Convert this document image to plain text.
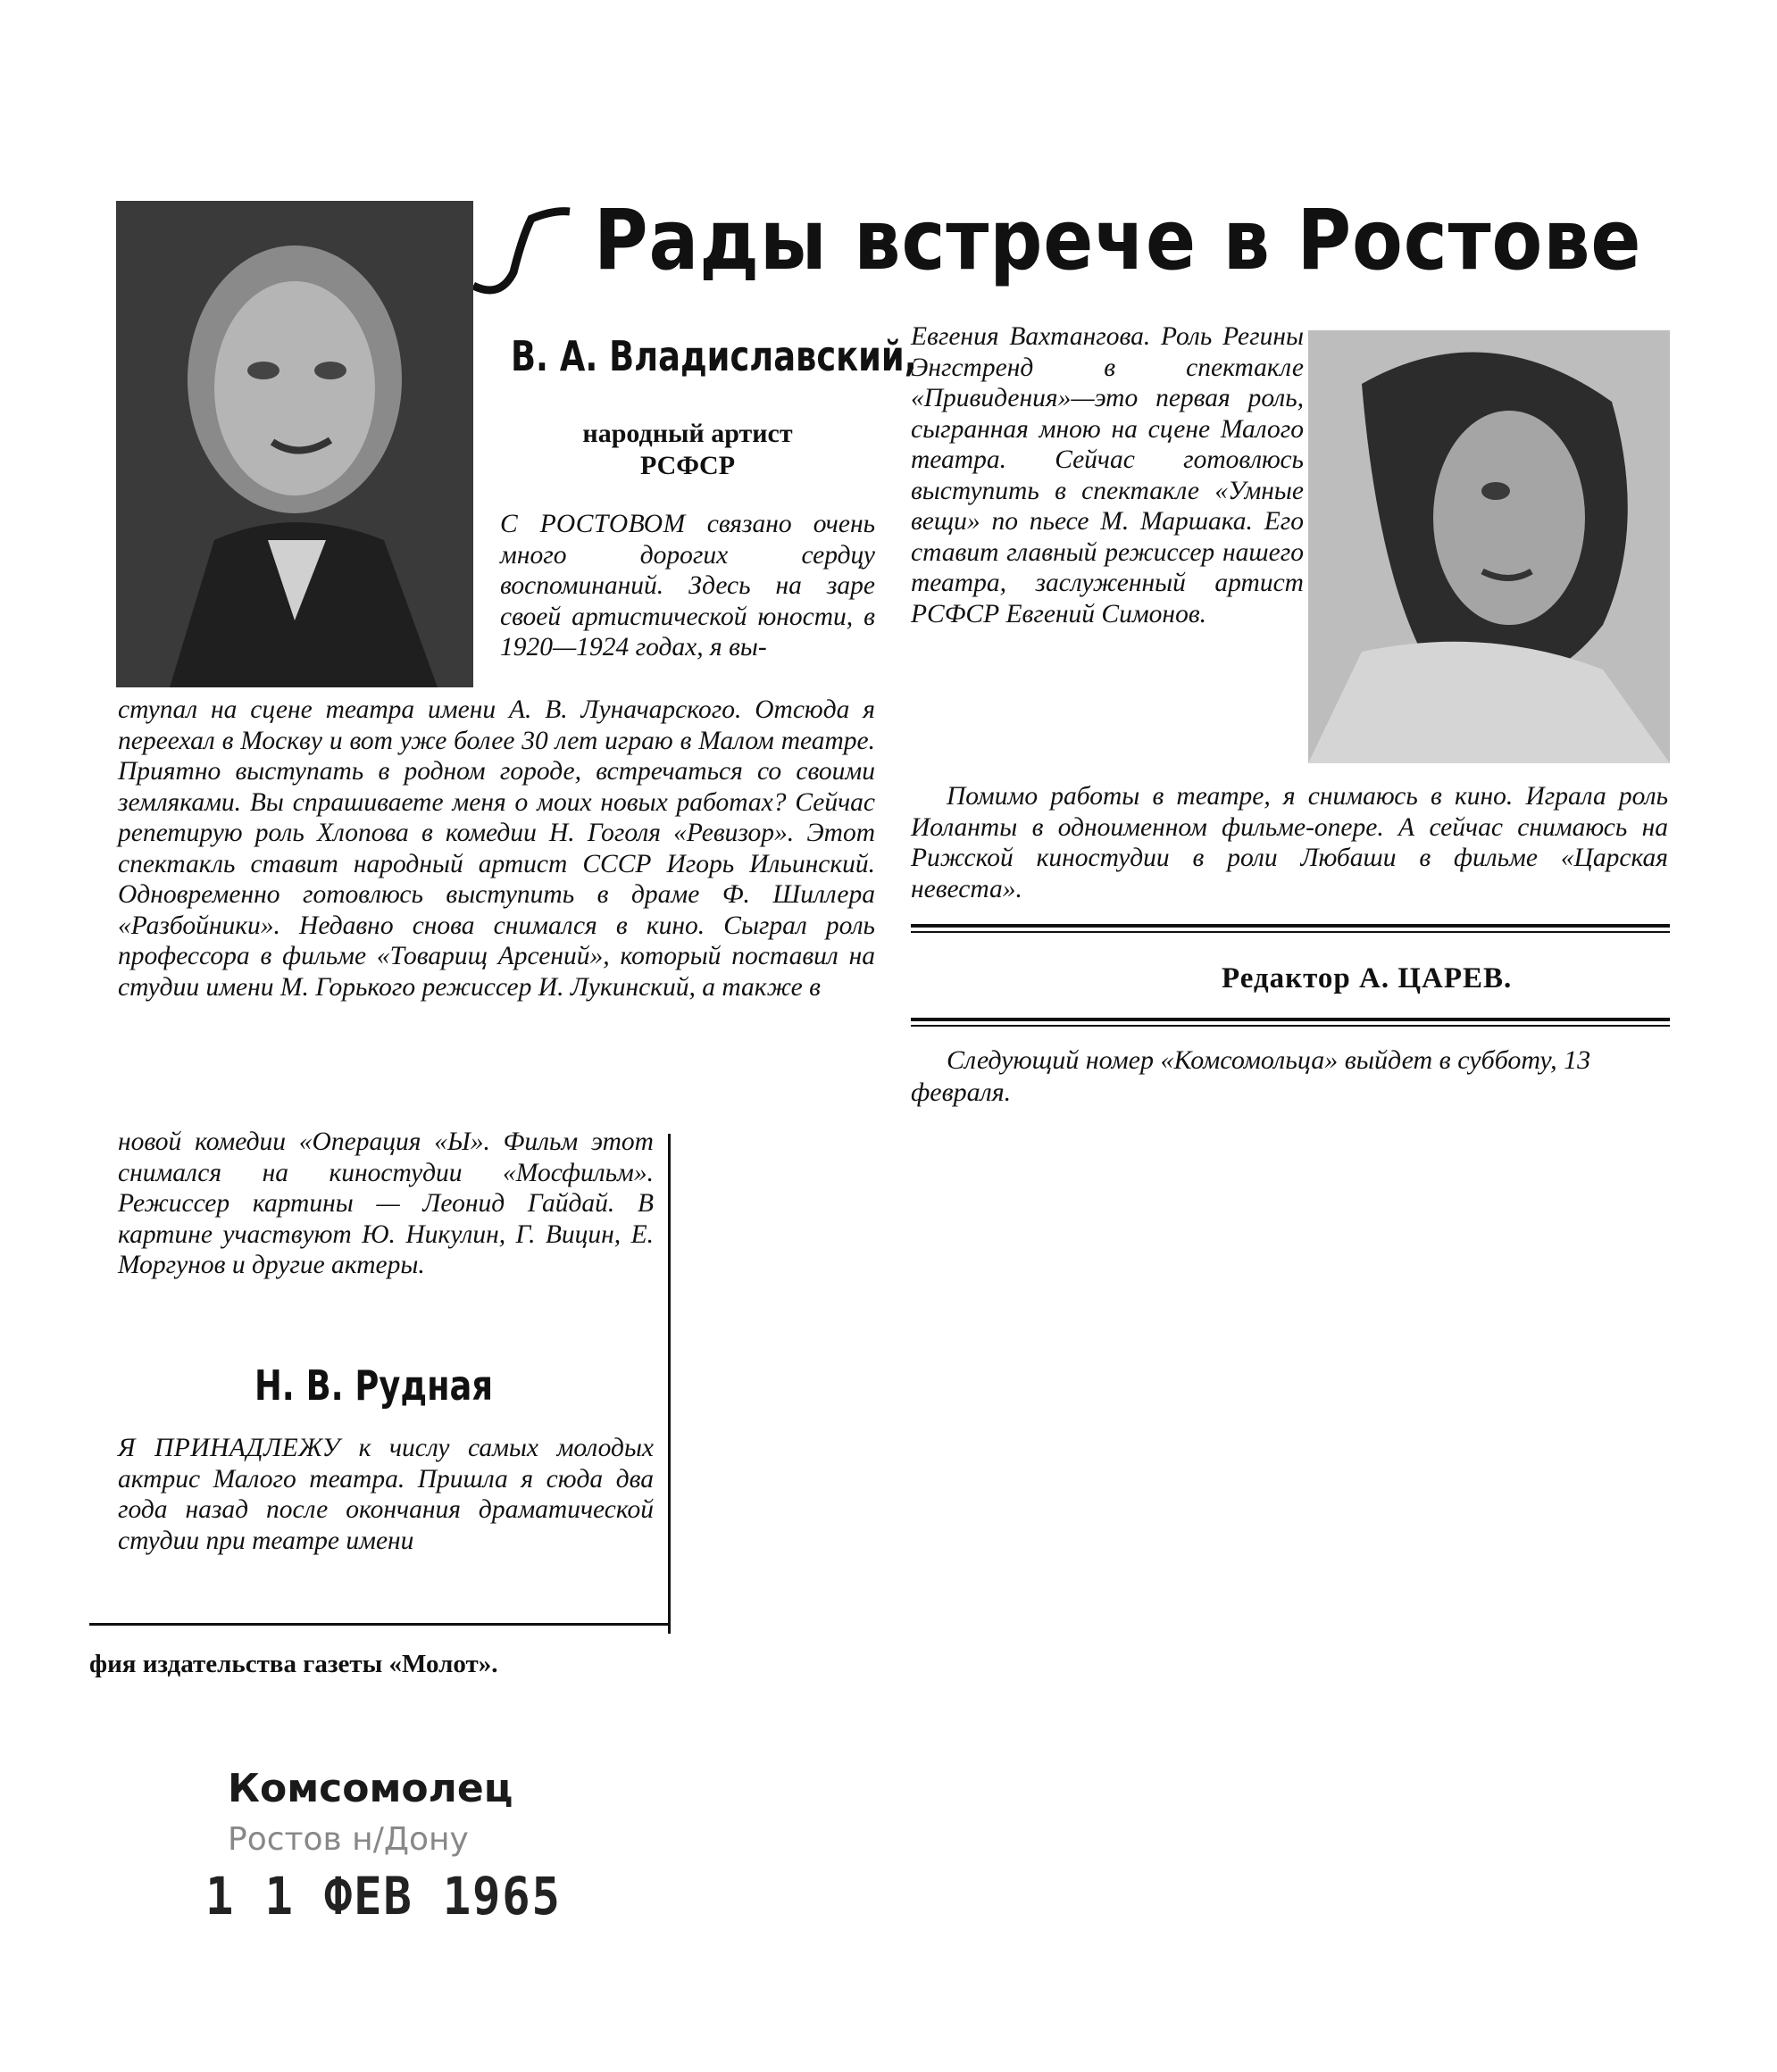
Рады встрече в Ростове
В. А. Владиславский,
народный артист
РСФСР

С РОСТОВОМ связано очень много дорогих сердцу воспоминаний. Здесь на заре своей артистической юности, в 1920—1924 годах, я вы-

ступал на сцене театра имени А. В. Луначарского. Отсюда я переехал в Москву и вот уже более 30 лет играю в Малом театре. Приятно выступать в родном городе, встречаться со своими земляками. Вы спрашиваете меня о моих новых работах? Сейчас репетирую роль Хлопова в комедии Н. Гоголя «Ревизор». Этот спектакль ставит народный артист СССР Игорь Ильинский. Одновременно готовлюсь выступить в драме Ф. Шиллера «Разбойники». Недавно снова снимался в кино. Сыграл роль профессора в фильме «Товарищ Арсений», который поставил на студии имени М. Горького режиссер И. Лукинский, а также в

новой комедии «Операция «Ы». Фильм этот снимался на киностудии «Мосфильм». Режиссер картины — Леонид Гайдай. В картине участвуют Ю. Никулин, Г. Вицин, Е. Моргунов и другие актеры.

Н. В. Рудная

Я ПРИНАДЛЕЖУ к числу самых молодых актрис Малого театра. Пришла я сюда два года назад после окончания драматической студии при театре имени

Евгения Вахтангова. Роль Регины Энгстренд в спектакле «Привидения»—это первая роль, сыгранная мною на сцене Малого театра. Сейчас готовлюсь выступить в спектакле «Умные вещи» по пьесе М. Маршака. Его ставит главный режиссер нашего театра, заслуженный артист РСФСР Евгений Симонов.

Помимо работы в театре, я снимаюсь в кино. Играла роль Иоланты в одноименном фильме-опере. А сейчас снимаюсь на Рижской киностудии в роли Любаши в фильме «Царская невеста».

Редактор А. ЦАРЕВ.
Следующий номер «Комсомольца» выйдет в субботу, 13 февраля.
фия издательства газеты «Молот».
Комсомолец
Ростов н/Дону
1 1 ФЕВ 1965
